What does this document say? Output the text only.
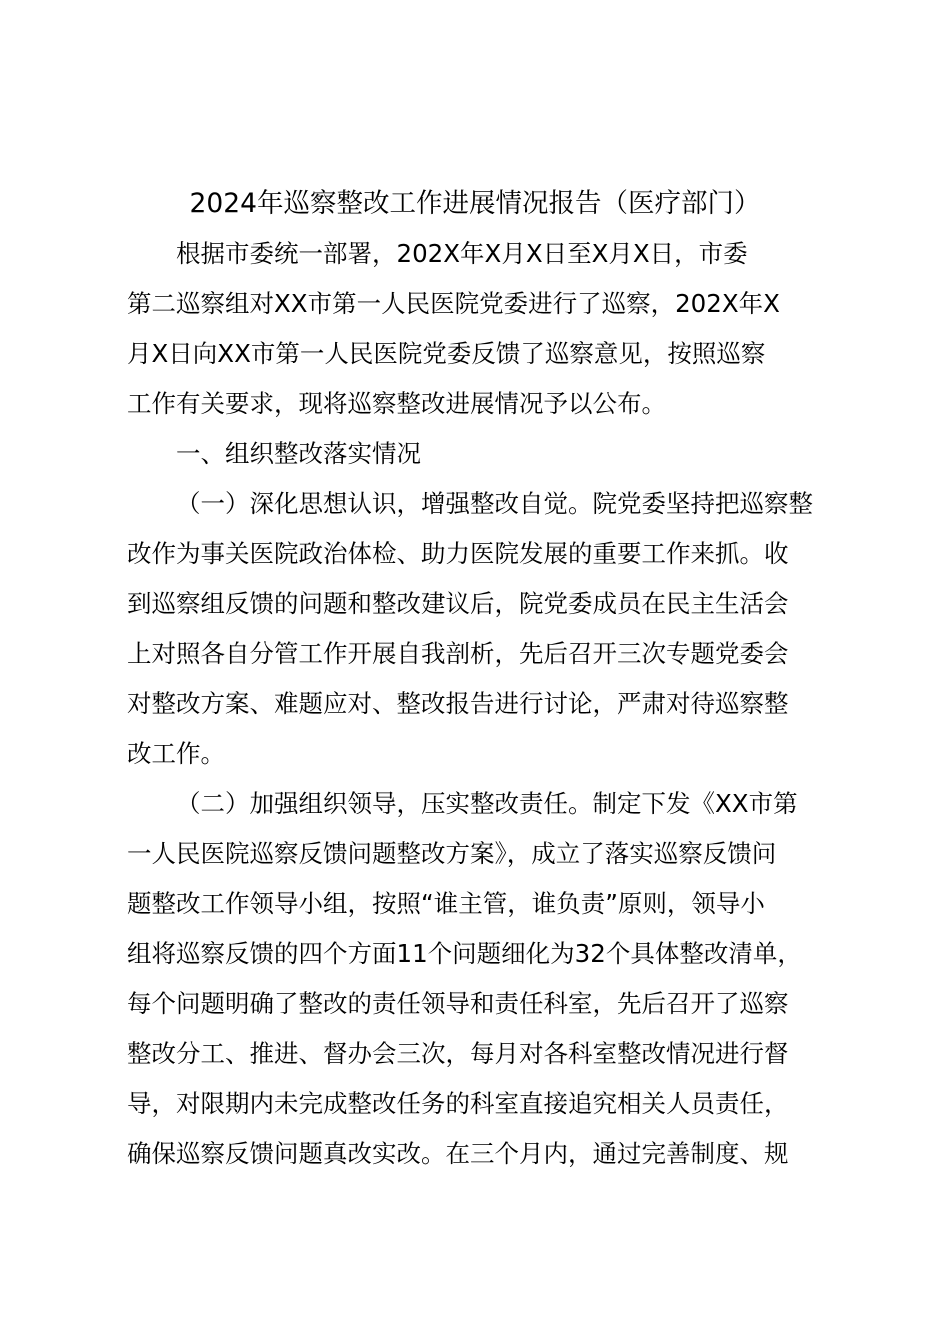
2024年巡察整改工作进展情况报告（医疗部门）
根据市委统一部署，202X年X月X日至X月X日，市委
第二巡察组对XX市第一人民医院党委进行了巡察，202X年X
月X日向XX市第一人民医院党委反馈了巡察意见，按照巡察
工作有关要求，现将巡察整改进展情况予以公布。
一、组织整改落实情况
（一）深化思想认识，增强整改自觉。院党委坚持把巡察整
改作为事关医院政治体检、助力医院发展的重要工作来抓。收
到巡察组反馈的问题和整改建议后，院党委成员在民主生活会
上对照各自分管工作开展自我剖析，先后召开三次专题党委会
对整改方案、难题应对、整改报告进行讨论，严肃对待巡察整
改工作。
（二）加强组织领导，压实整改责任。制定下发《XX市第
一人民医院巡察反馈问题整改方案》，成立了落实巡察反馈问
题整改工作领导小组，按照“谁主管，谁负责”原则，领导小
组将巡察反馈的四个方面11个问题细化为32个具体整改清单，
每个问题明确了整改的责任领导和责任科室，先后召开了巡察
整改分工、推进、督办会三次，每月对各科室整改情况进行督
导，对限期内未完成整改任务的科室直接追究相关人员责任，
确保巡察反馈问题真改实改。在三个月内，通过完善制度、规
